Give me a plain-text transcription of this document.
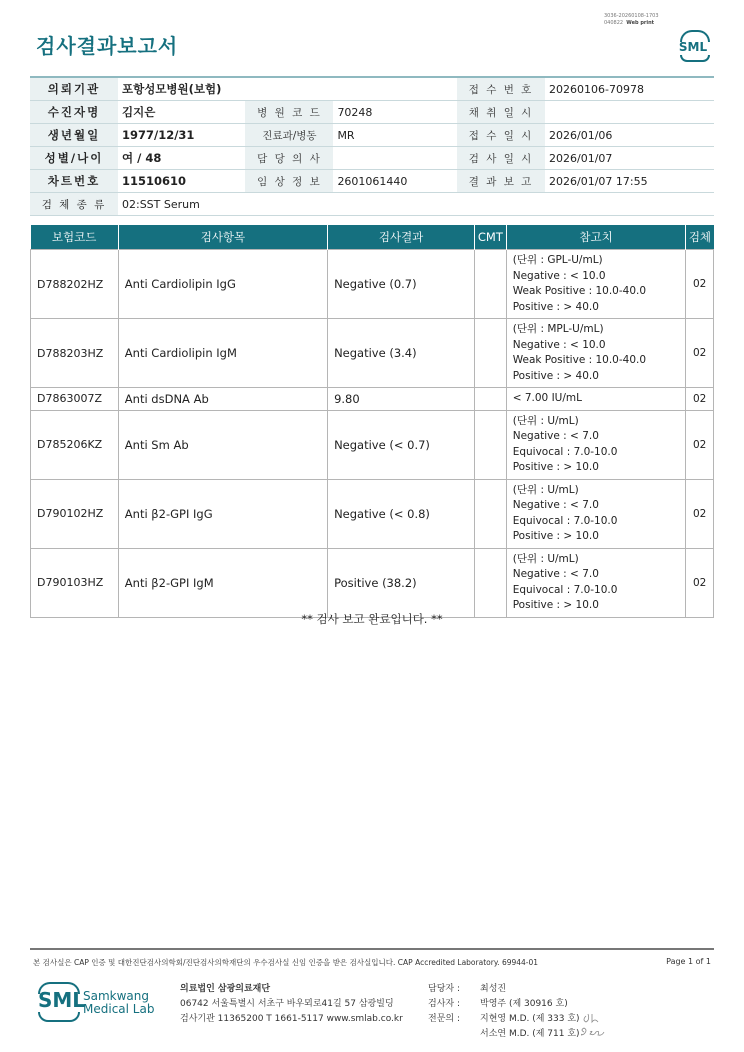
검사결과보고서
3036-20260108-1703
040822 Web print
SML
의뢰기관	포항성모병원(보험)			접 수 번 호	20260106-70978
수진자명	김지은	병 원 코 드	70248	채 취 일 시	
생년월일	1977/12/31	진료과/병동	MR	접 수 일 시	2026/01/06
성별/나이	여 / 48	담 당 의 사		검 사 일 시	2026/01/07
차트번호	11510610	임 상 정 보	2601061440	결 과 보 고	2026/01/07 17:55
검 체 종 류	02:SST Serum				
보험코드	검사항목	검사결과	CMT	참고치	검체
D788202HZ	Anti Cardiolipin IgG	Negative (0.7)		(단위 : GPL-U/mL)
Negative : < 10.0
Weak Positive : 10.0-40.0
Positive : > 40.0	02
D788203HZ	Anti Cardiolipin IgM	Negative (3.4)		(단위 : MPL-U/mL)
Negative : < 10.0
Weak Positive : 10.0-40.0
Positive : > 40.0	02
D7863007Z	Anti dsDNA Ab	9.80		< 7.00 IU/mL	02
D785206KZ	Anti Sm Ab	Negative (< 0.7)		(단위 : U/mL)
Negative : < 7.0
Equivocal : 7.0-10.0
Positive : > 10.0	02
D790102HZ	Anti β2-GPI IgG	Negative (< 0.8)		(단위 : U/mL)
Negative : < 7.0
Equivocal : 7.0-10.0
Positive : > 10.0	02
D790103HZ	Anti β2-GPI IgM	Positive (38.2)		(단위 : U/mL)
Negative : < 7.0
Equivocal : 7.0-10.0
Positive : > 10.0	02
** 검사 보고 완료입니다. **
본 검사실은 CAP 인증 및 대한진단검사의학회/진단검사의학재단의 우수검사실 신임 인증을 받은 검사실입니다. CAP Accredited Laboratory. 69944-01	Page 1 of 1
SML
Samkwang
Medical Lab
의료법인 삼광의료재단
06742 서울특별시 서초구 바우뫼로41길 57 삼광빌딩
검사기관 11365200 T 1661-5117 www.smlab.co.kr
담당자 :	최성진
검사자 :	박영주 (제 30916 호)
전문의 :	지현영 M.D. (제 333 호)
서소연 M.D. (제 711 호)
